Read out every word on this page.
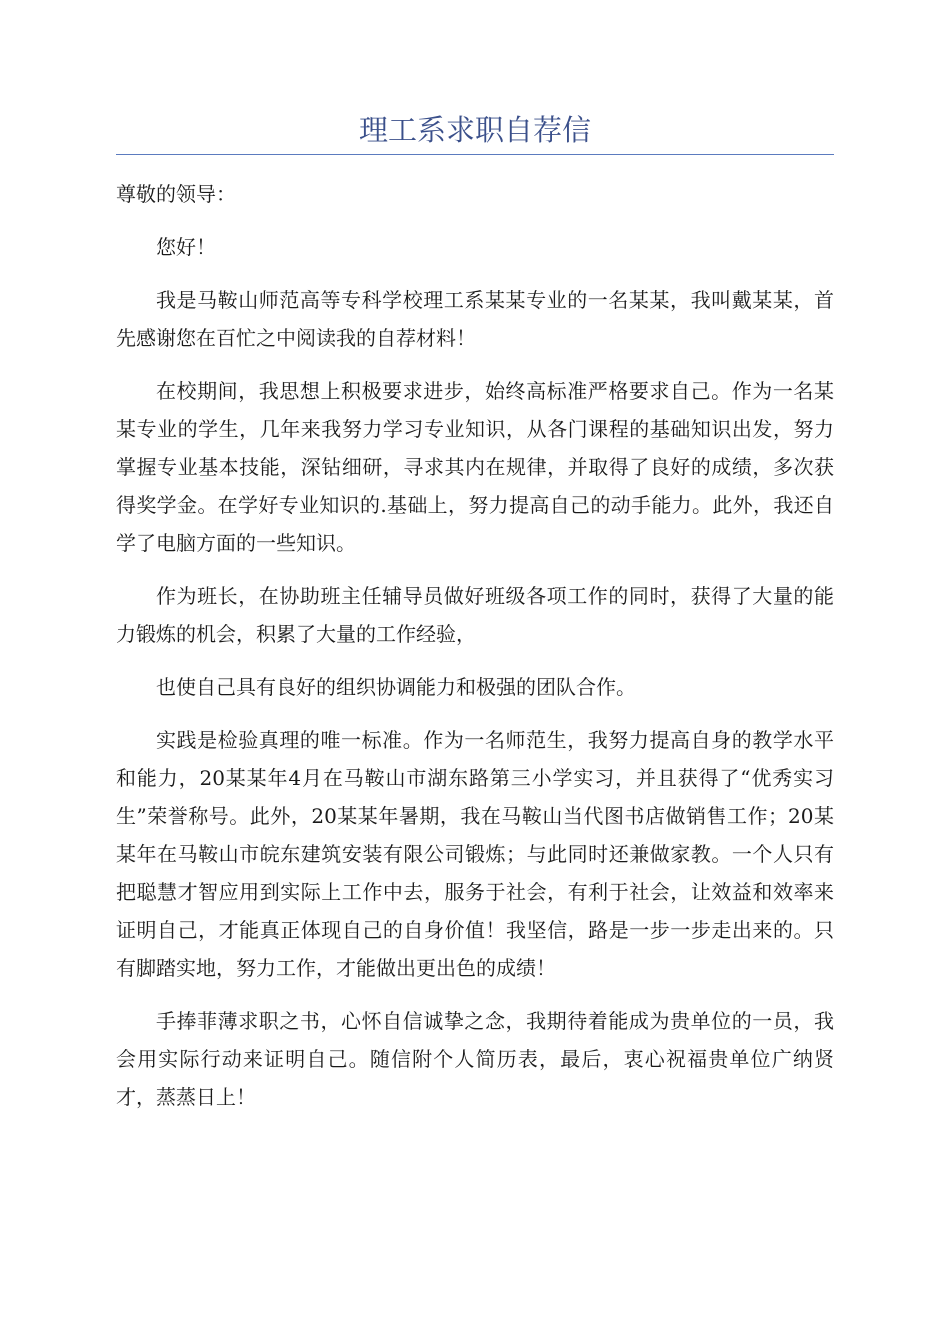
理工系求职自荐信

尊敬的领导：

您好！

我是马鞍山师范高等专科学校理工系某某专业的一名某某，我叫戴某某，首先感谢您在百忙之中阅读我的自荐材料！

在校期间，我思想上积极要求进步，始终高标准严格要求自己。作为一名某某专业的学生，几年来我努力学习专业知识，从各门课程的基础知识出发，努力掌握专业基本技能，深钻细研，寻求其内在规律，并取得了良好的成绩，多次获得奖学金。在学好专业知识的.基础上，努力提高自己的动手能力。此外，我还自学了电脑方面的一些知识。

作为班长，在协助班主任辅导员做好班级各项工作的同时，获得了大量的能力锻炼的机会，积累了大量的工作经验，

也使自己具有良好的组织协调能力和极强的团队合作。

实践是检验真理的唯一标准。作为一名师范生，我努力提高自身的教学水平和能力，20某某年4月在马鞍山市湖东路第三小学实习，并且获得了“优秀实习生”荣誉称号。此外，20某某年暑期，我在马鞍山当代图书店做销售工作；20某某年在马鞍山市皖东建筑安装有限公司锻炼；与此同时还兼做家教。一个人只有把聪慧才智应用到实际上工作中去，服务于社会，有利于社会，让效益和效率来证明自己，才能真正体现自己的自身价值！我坚信，路是一步一步走出来的。只有脚踏实地，努力工作，才能做出更出色的成绩！

手捧菲薄求职之书，心怀自信诚挚之念，我期待着能成为贵单位的一员，我会用实际行动来证明自己。随信附个人简历表，最后，衷心祝福贵单位广纳贤才，蒸蒸日上！
